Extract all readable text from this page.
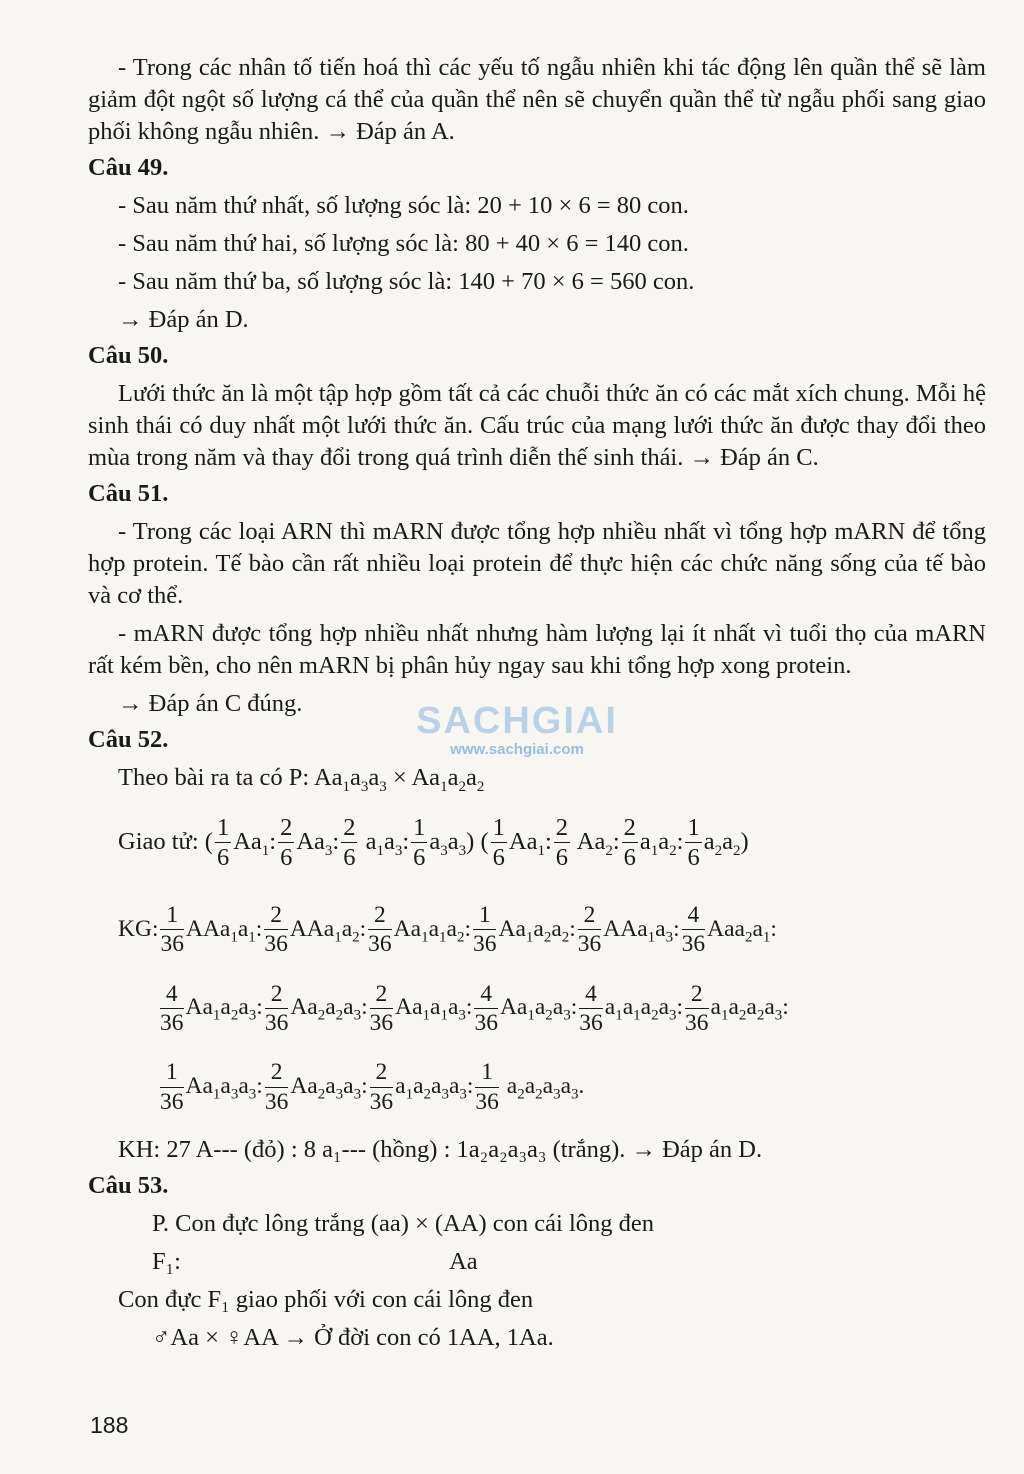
- Trong các nhân tố tiến hoá thì các yếu tố ngẫu nhiên khi tác động lên quần thể sẽ làm giảm đột ngột số lượng cá thể của quần thể nên sẽ chuyển quần thể từ ngẫu phối sang giao phối không ngẫu nhiên. → Đáp án A.

Câu 49.

- Sau năm thứ nhất, số lượng sóc là: 20 + 10 × 6 = 80 con.

- Sau năm thứ hai, số lượng sóc là: 80 + 40 × 6 = 140 con.

- Sau năm thứ ba, số lượng sóc là: 140 + 70 × 6 = 560 con.

→ Đáp án D.

Câu 50.

Lưới thức ăn là một tập hợp gồm tất cả các chuỗi thức ăn có các mắt xích chung. Mỗi hệ sinh thái có duy nhất một lưới thức ăn. Cấu trúc của mạng lưới thức ăn được thay đổi theo mùa trong năm và thay đổi trong quá trình diễn thế sinh thái. → Đáp án C.

Câu 51.

- Trong các loại ARN thì mARN được tổng hợp nhiều nhất vì tổng hợp mARN để tổng hợp protein. Tế bào cần rất nhiều loại protein để thực hiện các chức năng sống của tế bào và cơ thể.

- mARN được tổng hợp nhiều nhất nhưng hàm lượng lại ít nhất vì tuổi thọ của mARN rất kém bền, cho nên mARN bị phân hủy ngay sau khi tổng hợp xong protein.

→ Đáp án C đúng.

Câu 52.

Theo bài ra ta có P: $Aa_1a_3a_3 \times Aa_1a_2a_2$

Giao tử: ( $\frac{1}{6} Aa_1$: $\frac{2}{6} Aa_3$: $\frac{2}{6} a_1a_3$: $\frac{1}{6} a_3a_3$) ( $\frac{1}{6} Aa_1$: $\frac{2}{6} Aa_2$: $\frac{2}{6} a_1a_2$: $\frac{1}{6} a_2a_2$)

KG: $\frac{1}{36} AAa_1a_1$: $\frac{2}{36} AAa_1a_2$: $\frac{2}{36} Aa_1a_1a_2$: $\frac{1}{36} Aa_1a_2a_2$: $\frac{2}{36} AAa_1a_3$: $\frac{4}{36} Aaa_2a_1$:

$\frac{4}{36} Aa_1a_2a_3$: $\frac{2}{36} Aa_2a_2a_3$: $\frac{2}{36} Aa_1a_1a_3$: $\frac{4}{36} Aa_1a_2a_3$: $\frac{4}{36} a_1a_1a_2a_3$: $\frac{2}{36} a_1a_2a_2a_3$:

$\frac{1}{36} Aa_1a_3a_3$: $\frac{2}{36} Aa_2a_3a_3$: $\frac{2}{36} a_1a_2a_3a_3$: $\frac{1}{36} a_2a_2a_3a_3$.

KH: 27 A--- (đỏ) : 8 a₁--- (hồng) : 1a₂a₂a₃a₃ (trắng). → Đáp án D.

Câu 53.

P. Con đực lông trắng (aa) × (AA) con cái lông đen

F₁:	Aa

Con đực F₁ giao phối với con cái lông đen

♂Aa × ♀AA → Ở đời con có 1AA, 1Aa.

SACHGIAI
www.sachgiai.com
188
